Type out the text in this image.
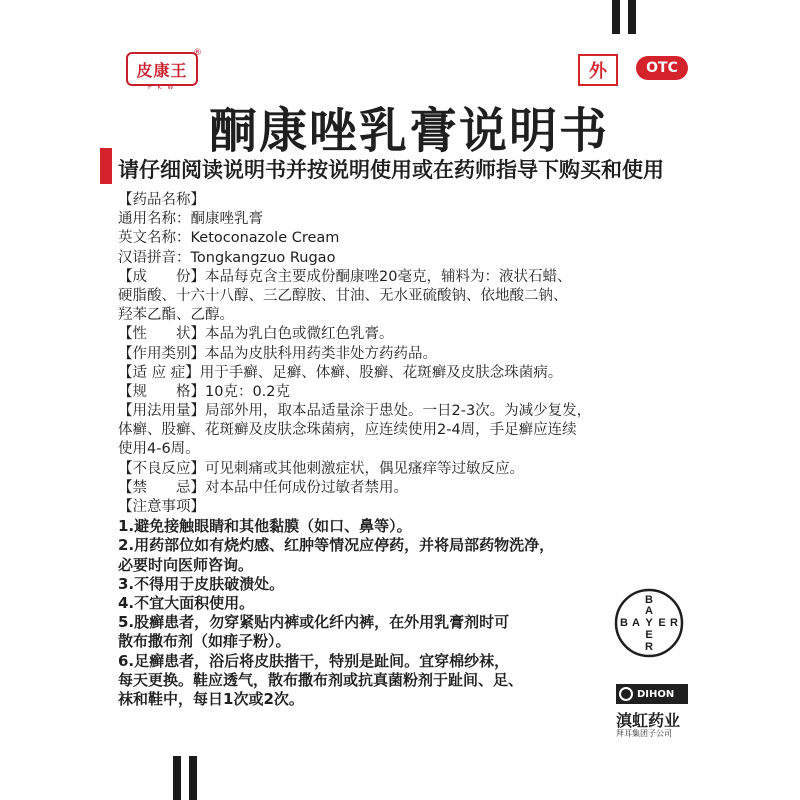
皮康王
®
P K W
外	OTC
酮康唑乳膏说明书
请仔细阅读说明书并按说明使用或在药师指导下购买和使用
【药品名称】
通用名称：酮康唑乳膏
英文名称：Ketoconazole Cream
汉语拼音：Tongkangzuo Rugao
【成　　份】本品每克含主要成份酮康唑20毫克，辅料为：液状石蜡、
硬脂酸、十六十八醇、三乙醇胺、甘油、无水亚硫酸钠、依地酸二钠、
羟苯乙酯、乙醇。
【性　　状】本品为乳白色或微红色乳膏。
【作用类别】本品为皮肤科用药类非处方药药品。
【适 应 症】用于手癣、足癣、体癣、股癣、花斑癣及皮肤念珠菌病。
【规　　格】10克：0.2克
【用法用量】局部外用，取本品适量涂于患处。一日2-3次。为减少复发，
体癣、股癣、花斑癣及皮肤念珠菌病，应连续使用2-4周，手足癣应连续
使用4-6周。
【不良反应】可见刺痛或其他刺激症状，偶见瘙痒等过敏反应。
【禁　　忌】对本品中任何成份过敏者禁用。
【注意事项】
1.避免接触眼睛和其他黏膜（如口、鼻等）。
2.用药部位如有烧灼感、红肿等情况应停药，并将局部药物洗净，
必要时向医师咨询。
3.不得用于皮肤破溃处。
4.不宜大面积使用。
5.股癣患者，勿穿紧贴内裤或化纤内裤，在外用乳膏剂时可
散布撒布剂（如痱子粉）。
6.足癣患者，浴后将皮肤揩干，特别是趾间。宜穿棉纱袜，
每天更换。鞋应透气，散布撒布剂或抗真菌粉剂于趾间、足、
袜和鞋中，每日1次或2次。
B
A
Y
E
R
B A E R
DIHON
滇虹药业
拜耳集团子公司
